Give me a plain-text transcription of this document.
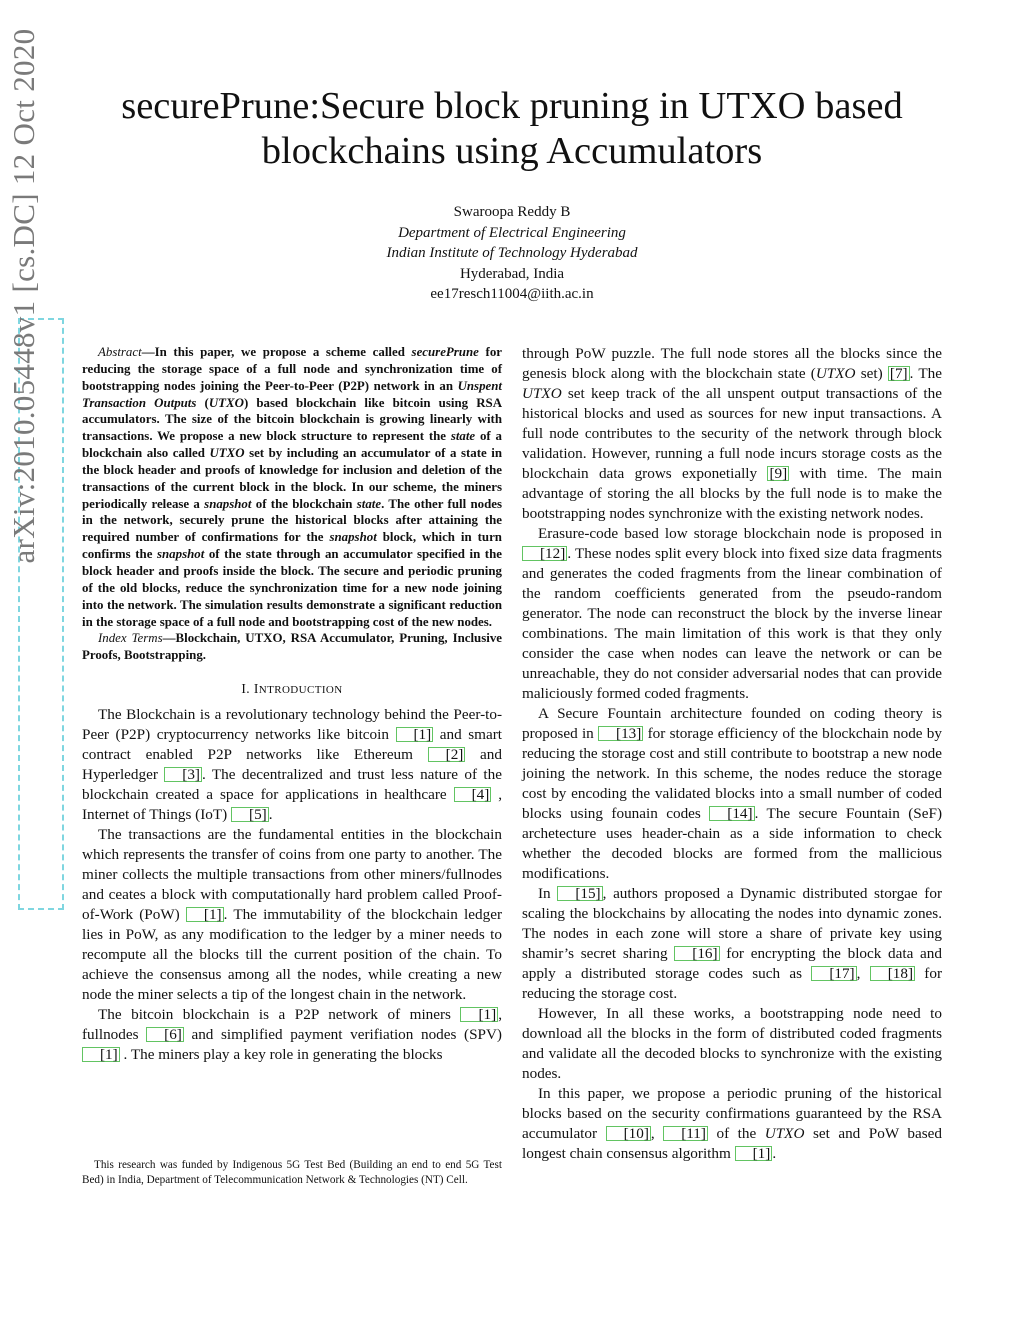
arXiv:2010.05448v1 [cs.DC] 12 Oct 2020	securePrune:Secure block pruning in UTXO based blockchains using Accumulators
Swaroopa Reddy B
Department of Electrical Engineering
Indian Institute of Technology Hyderabad
Hyderabad, India
ee17resch11004@iith.ac.in

Abstract—In this paper, we propose a scheme called securePrune for reducing the storage space of a full node and synchronization time of bootstrapping nodes joining the Peer-to-Peer (P2P) network in an Unspent Transaction Outputs (UTXO) based blockchain like bitcoin using RSA accumulators. The size of the bitcoin blockchain is growing linearly with transactions. We propose a new block structure to represent the state of a blockchain also called UTXO set by including an accumulator of a state in the block header and proofs of knowledge for inclusion and deletion of the transactions of the current block in the block. In our scheme, the miners periodically release a snapshot of the blockchain state. The other full nodes in the network, securely prune the historical blocks after attaining the required number of confirmations for the snapshot block, which in turn confirms the snapshot of the state through an accumulator specified in the block header and proofs inside the block. The secure and periodic pruning of the old blocks, reduce the synchronization time for a new node joining into the network. The simulation results demonstrate a significant reduction in the storage space of a full node and bootstrapping cost of the new nodes.

Index Terms—Blockchain, UTXO, RSA Accumulator, Pruning, Inclusive Proofs, Bootstrapping.

I. INTRODUCTION

The Blockchain is a revolutionary technology behind the Peer-to-Peer (P2P) cryptocurrency networks like bitcoin [1] and smart contract enabled P2P networks like Ethereum [2] and Hyperledger [3] . The decentralized and trust less nature of the blockchain created a space for applications in healthcare [4] , Internet of Things (IoT) [5] .

The transactions are the fundamental entities in the blockchain which represents the transfer of coins from one party to another. The miner collects the multiple transactions from other miners/fullnodes and ceates a block with computationally hard problem called Proof-of-Work (PoW) [1] . The immutability of the blockchain ledger lies in PoW, as any modification to the ledger by a miner needs to recompute all the blocks till the current position of the chain. To achieve the consensus among all the nodes, while creating a new node the miner selects a tip of the longest chain in the network.

The bitcoin blockchain is a P2P network of miners [1] , fullnodes [6] and simplified payment verifiation nodes (SPV) [1] . The miners play a key role in generating the blocks

This research was funded by Indigenous 5G Test Bed (Building an end to end 5G Test Bed) in India, Department of Telecommunication Network & Technologies (NT) Cell.

through PoW puzzle. The full node stores all the blocks since the genesis block along with the blockchain state (UTXO set) [7] . The UTXO set keep track of the all unspent output transactions of the historical blocks and used as sources for new input transactions. A full node contributes to the security of the network through block validation. However, running a full node incurs storage costs as the blockchain data grows exponetially [9] with time. The main advantage of storing the all blocks by the full node is to make the bootstrapping nodes synchronize with the existing network nodes.

Erasure-code based low storage blockchain node is proposed in [12] . These nodes split every block into fixed size data fragments and generates the coded fragments from the linear combination of the random coefficients generated from the pseudo-random generator. The node can reconstruct the block by the inverse linear combinations. The main limitation of this work is that they only consider the case when nodes can leave the network or can be unreachable, they do not consider adversarial nodes that can provide maliciously formed coded fragments.

A Secure Fountain architecture founded on coding theory is proposed in [13] for storage efficiency of the blockchain node by reducing the storage cost and still contribute to bootstrap a new node joining the network. In this scheme, the nodes reduce the storage cost by encoding the validated blocks into a small number of coded blocks using founain codes [14] . The secure Fountain (SeF) archetecture uses header-chain as a side information to check whether the decoded blocks are formed from the mallicious modifications.

In [15] , authors proposed a Dynamic distributed storgae for scaling the blockchains by allocating the nodes into dynamic zones. The nodes in each zone will store a share of private key using shamir’s secret sharing [16] for encrypting the block data and apply a distributed storage codes such as [17] , [18] for reducing the storage cost.

However, In all these works, a bootstrapping node need to download all the blocks in the form of distributed coded fragments and validate all the decoded blocks to synchronize with the existing nodes.

In this paper, we propose a periodic pruning of the historical blocks based on the security confirmations guaranteed by the RSA accumulator [10] , [11] of the UTXO set and PoW based longest chain consensus algorithm [1] .
